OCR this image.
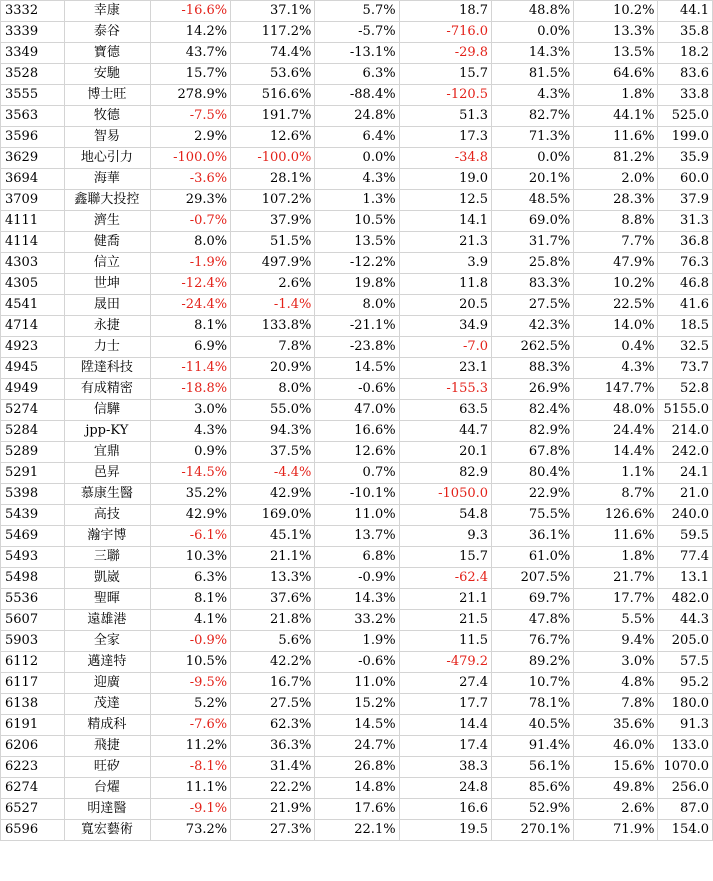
3332	幸康	-16.6%	37.1%	5.7%	18.7	48.8%	10.2%	44.1
3339	泰谷	14.2%	117.2%	-5.7%	-716.0	0.0%	13.3%	35.8
3349	寶德	43.7%	74.4%	-13.1%	-29.8	14.3%	13.5%	18.2
3528	安馳	15.7%	53.6%	6.3%	15.7	81.5%	64.6%	83.6
3555	博士旺	278.9%	516.6%	-88.4%	-120.5	4.3%	1.8%	33.8
3563	牧德	-7.5%	191.7%	24.8%	51.3	82.7%	44.1%	525.0
3596	智易	2.9%	12.6%	6.4%	17.3	71.3%	11.6%	199.0
3629	地心引力	-100.0%	-100.0%	0.0%	-34.8	0.0%	81.2%	35.9
3694	海華	-3.6%	28.1%	4.3%	19.0	20.1%	2.0%	60.0
3709	鑫聯大投控	29.3%	107.2%	1.3%	12.5	48.5%	28.3%	37.9
4111	濟生	-0.7%	37.9%	10.5%	14.1	69.0%	8.8%	31.3
4114	健喬	8.0%	51.5%	13.5%	21.3	31.7%	7.7%	36.8
4303	信立	-1.9%	497.9%	-12.2%	3.9	25.8%	47.9%	76.3
4305	世坤	-12.4%	2.6%	19.8%	11.8	83.3%	10.2%	46.8
4541	晟田	-24.4%	-1.4%	8.0%	20.5	27.5%	22.5%	41.6
4714	永捷	8.1%	133.8%	-21.1%	34.9	42.3%	14.0%	18.5
4923	力士	6.9%	7.8%	-23.8%	-7.0	262.5%	0.4%	32.5
4945	陞達科技	-11.4%	20.9%	14.5%	23.1	88.3%	4.3%	73.7
4949	有成精密	-18.8%	8.0%	-0.6%	-155.3	26.9%	147.7%	52.8
5274	信驊	3.0%	55.0%	47.0%	63.5	82.4%	48.0%	5155.0
5284	jpp-KY	4.3%	94.3%	16.6%	44.7	82.9%	24.4%	214.0
5289	宜鼎	0.9%	37.5%	12.6%	20.1	67.8%	14.4%	242.0
5291	邑昇	-14.5%	-4.4%	0.7%	82.9	80.4%	1.1%	24.1
5398	慕康生醫	35.2%	42.9%	-10.1%	-1050.0	22.9%	8.7%	21.0
5439	高技	42.9%	169.0%	11.0%	54.8	75.5%	126.6%	240.0
5469	瀚宇博	-6.1%	45.1%	13.7%	9.3	36.1%	11.6%	59.5
5493	三聯	10.3%	21.1%	6.8%	15.7	61.0%	1.8%	77.4
5498	凱崴	6.3%	13.3%	-0.9%	-62.4	207.5%	21.7%	13.1
5536	聖暉	8.1%	37.6%	14.3%	21.1	69.7%	17.7%	482.0
5607	遠雄港	4.1%	21.8%	33.2%	21.5	47.8%	5.5%	44.3
5903	全家	-0.9%	5.6%	1.9%	11.5	76.7%	9.4%	205.0
6112	邁達特	10.5%	42.2%	-0.6%	-479.2	89.2%	3.0%	57.5
6117	迎廣	-9.5%	16.7%	11.0%	27.4	10.7%	4.8%	95.2
6138	茂達	5.2%	27.5%	15.2%	17.7	78.1%	7.8%	180.0
6191	精成科	-7.6%	62.3%	14.5%	14.4	40.5%	35.6%	91.3
6206	飛捷	11.2%	36.3%	24.7%	17.4	91.4%	46.0%	133.0
6223	旺矽	-8.1%	31.4%	26.8%	38.3	56.1%	15.6%	1070.0
6274	台燿	11.1%	22.2%	14.8%	24.8	85.6%	49.8%	256.0
6527	明達醫	-9.1%	21.9%	17.6%	16.6	52.9%	2.6%	87.0
6596	寬宏藝術	73.2%	27.3%	22.1%	19.5	270.1%	71.9%	154.0
